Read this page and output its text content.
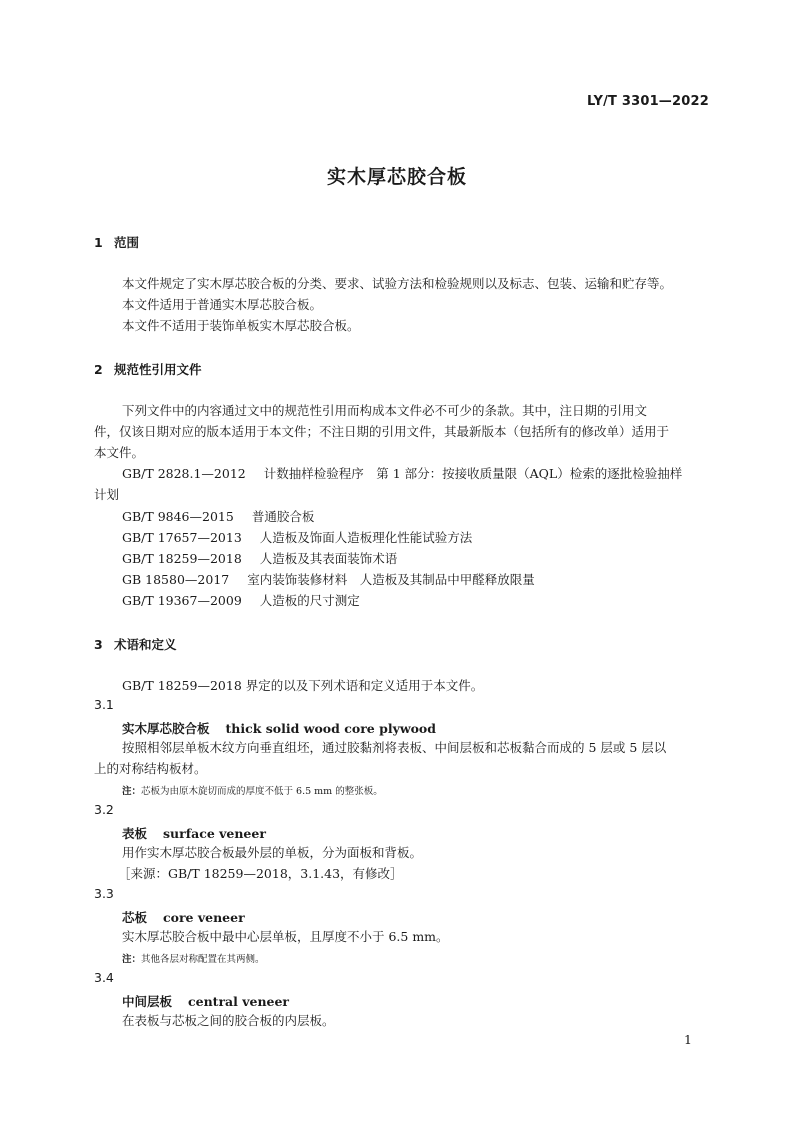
LY/T 3301—2022
实木厚芯胶合板
1 范围
本文件规定了实木厚芯胶合板的分类、要求、试验方法和检验规则以及标志、包装、运输和贮存等。
本文件适用于普通实木厚芯胶合板。
本文件不适用于装饰单板实木厚芯胶合板。
2 规范性引用文件
下列文件中的内容通过文中的规范性引用而构成本文件必不可少的条款。其中，注日期的引用文
件，仅该日期对应的版本适用于本文件；不注日期的引用文件，其最新版本（包括所有的修改单）适用于
本文件。
GB/T 2828.1—2012 计数抽样检验程序　第 1 部分：按接收质量限（AQL）检索的逐批检验抽样
计划
GB/T 9846—2015 普通胶合板
GB/T 17657—2013 人造板及饰面人造板理化性能试验方法
GB/T 18259—2018 人造板及其表面装饰术语
GB 18580—2017 室内装饰装修材料　人造板及其制品中甲醛释放限量
GB/T 19367—2009 人造板的尺寸测定
3 术语和定义
GB/T 18259—2018 界定的以及下列术语和定义适用于本文件。
3.1
实木厚芯胶合板 thick solid wood core plywood
按照相邻层单板木纹方向垂直组坯，通过胶黏剂将表板、中间层板和芯板黏合而成的 5 层或 5 层以
上的对称结构板材。
注：芯板为由原木旋切而成的厚度不低于 6.5 mm 的整张板。
3.2
表板 surface veneer
用作实木厚芯胶合板最外层的单板，分为面板和背板。
［来源：GB/T 18259—2018，3.1.43，有修改］
3.3
芯板 core veneer
实木厚芯胶合板中最中心层单板，且厚度不小于 6.5 mm。
注：其他各层对称配置在其两侧。
3.4
中间层板 central veneer
在表板与芯板之间的胶合板的内层板。
1
